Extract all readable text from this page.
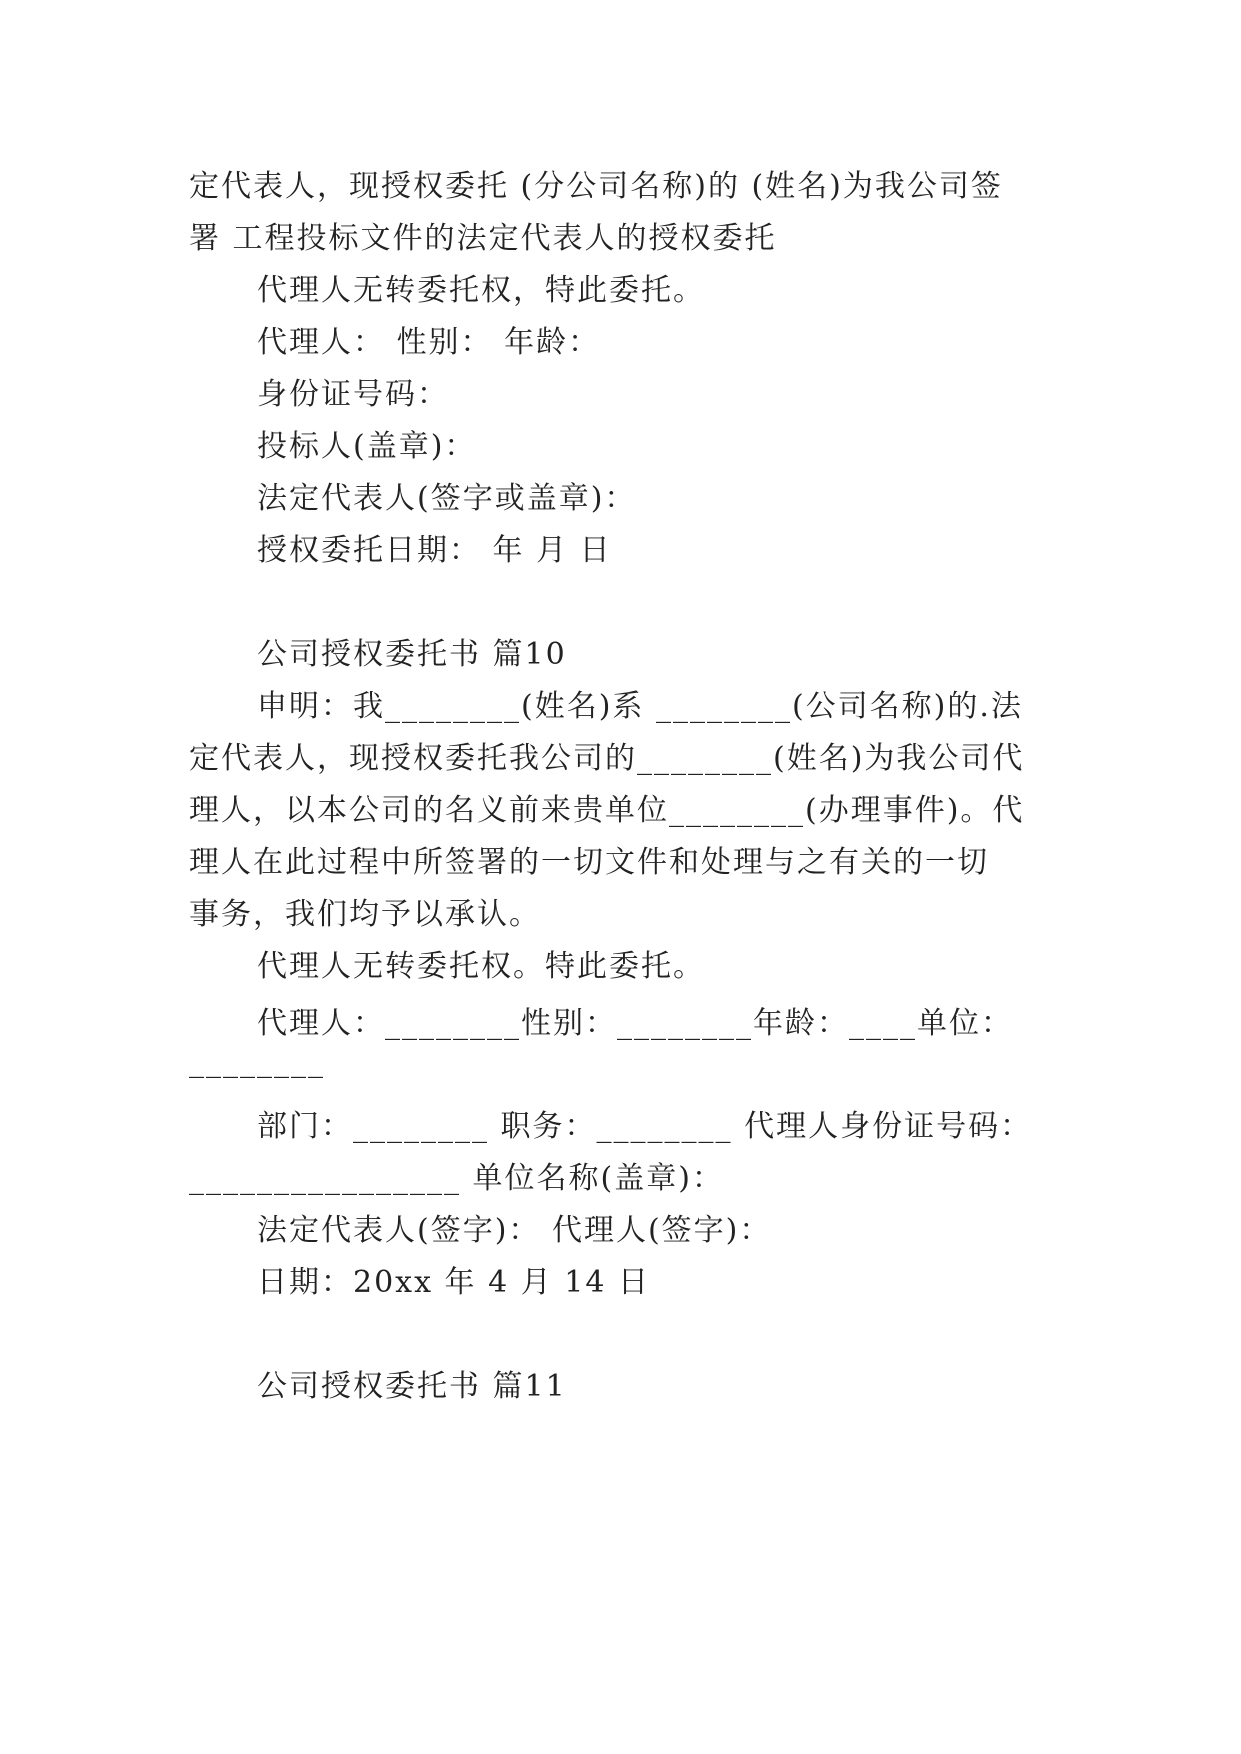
定代表人，现授权委托 (分公司名称)的 (姓名)为我公司签
署 工程投标文件的法定代表人的授权委托
代理人无转委托权，特此委托。
代理人： 性别： 年龄：
身份证号码：
投标人(盖章)：
法定代表人(签字或盖章)：
授权委托日期： 年 月 日
公司授权委托书 篇10
申明：我________(姓名)系 ________(公司名称)的.法
定代表人，现授权委托我公司的________(姓名)为我公司代
理人，以本公司的名义前来贵单位________(办理事件)。代
理人在此过程中所签署的一切文件和处理与之有关的一切
事务，我们均予以承认。
代理人无转委托权。特此委托。
代理人：________性别：________年龄：____单位：
________
部门：________ 职务：________ 代理人身份证号码：
________________ 单位名称(盖章)：
法定代表人(签字)： 代理人(签字)：
日期：20xx 年 4 月 14 日
公司授权委托书 篇11
